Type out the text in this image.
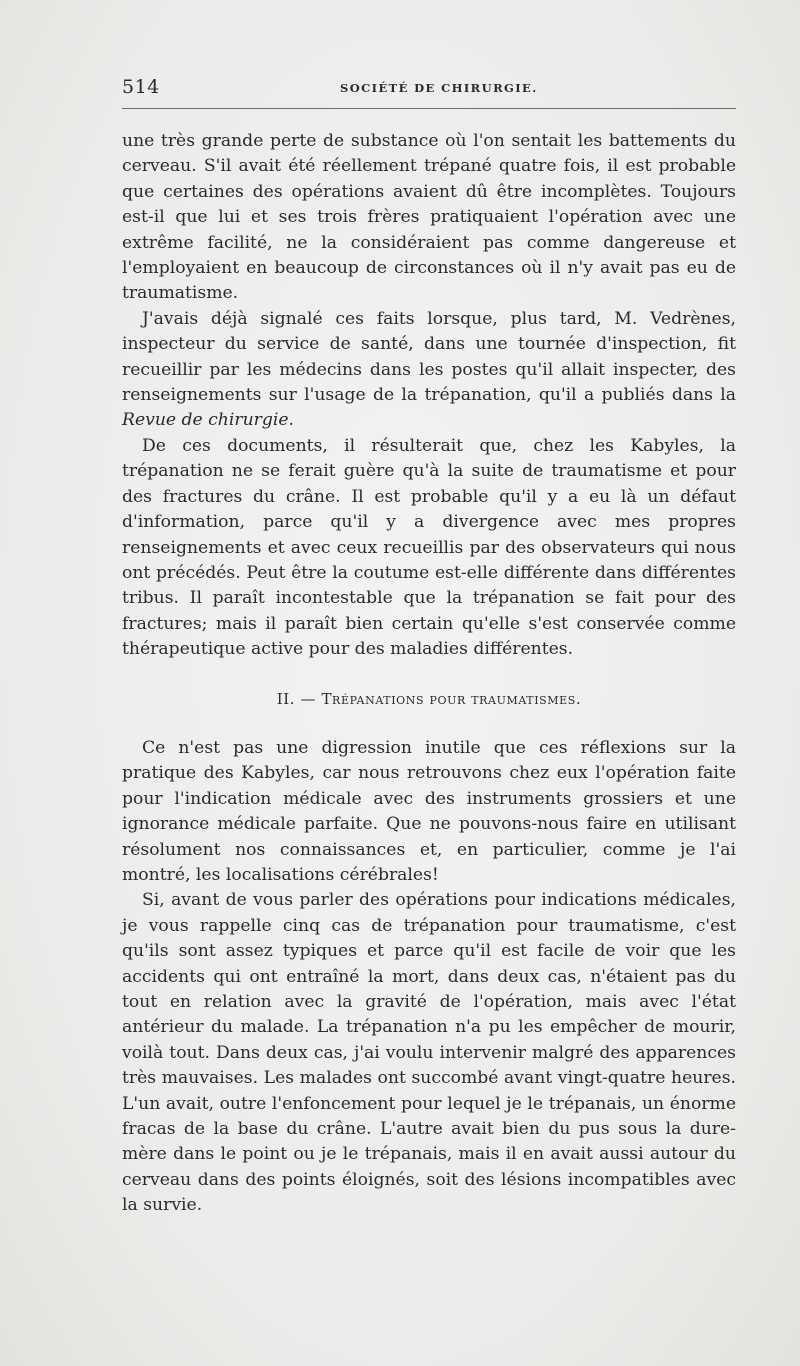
514	SOCIÉTÉ DE CHIRURGIE.

une très grande perte de substance où l'on sentait les battements du cerveau. S'il avait été réellement trépané quatre fois, il est probable que certaines des opérations avaient dû être incomplètes. Toujours est-il que lui et ses trois frères pratiquaient l'opération avec une extrême facilité, ne la considéraient pas comme dangereuse et l'employaient en beaucoup de circonstances où il n'y avait pas eu de traumatisme.

J'avais déjà signalé ces faits lorsque, plus tard, M. Vedrènes, inspecteur du service de santé, dans une tournée d'inspection, fit recueillir par les médecins dans les postes qu'il allait inspecter, des renseignements sur l'usage de la trépanation, qu'il a publiés dans la Revue de chirurgie.

De ces documents, il résulterait que, chez les Kabyles, la trépanation ne se ferait guère qu'à la suite de traumatisme et pour des fractures du crâne. Il est probable qu'il y a eu là un défaut d'information, parce qu'il y a divergence avec mes propres renseignements et avec ceux recueillis par des observateurs qui nous ont précédés. Peut être la coutume est-elle différente dans différentes tribus. Il paraît incontestable que la trépanation se fait pour des fractures; mais il paraît bien certain qu'elle s'est conservée comme thérapeutique active pour des maladies différentes.

II. — Trépanations pour traumatismes.

Ce n'est pas une digression inutile que ces réflexions sur la pratique des Kabyles, car nous retrouvons chez eux l'opération faite pour l'indication médicale avec des instruments grossiers et une ignorance médicale parfaite. Que ne pouvons-nous faire en utilisant résolument nos connaissances et, en particulier, comme je l'ai montré, les localisations cérébrales!

Si, avant de vous parler des opérations pour indications médicales, je vous rappelle cinq cas de trépanation pour traumatisme, c'est qu'ils sont assez typiques et parce qu'il est facile de voir que les accidents qui ont entraîné la mort, dans deux cas, n'étaient pas du tout en relation avec la gravité de l'opération, mais avec l'état antérieur du malade. La trépanation n'a pu les empêcher de mourir, voilà tout. Dans deux cas, j'ai voulu intervenir malgré des apparences très mauvaises. Les malades ont succombé avant vingt-quatre heures. L'un avait, outre l'enfoncement pour lequel je le trépanais, un énorme fracas de la base du crâne. L'autre avait bien du pus sous la dure-mère dans le point ou je le trépanais, mais il en avait aussi autour du cerveau dans des points éloignés, soit des lésions incompatibles avec la survie.
